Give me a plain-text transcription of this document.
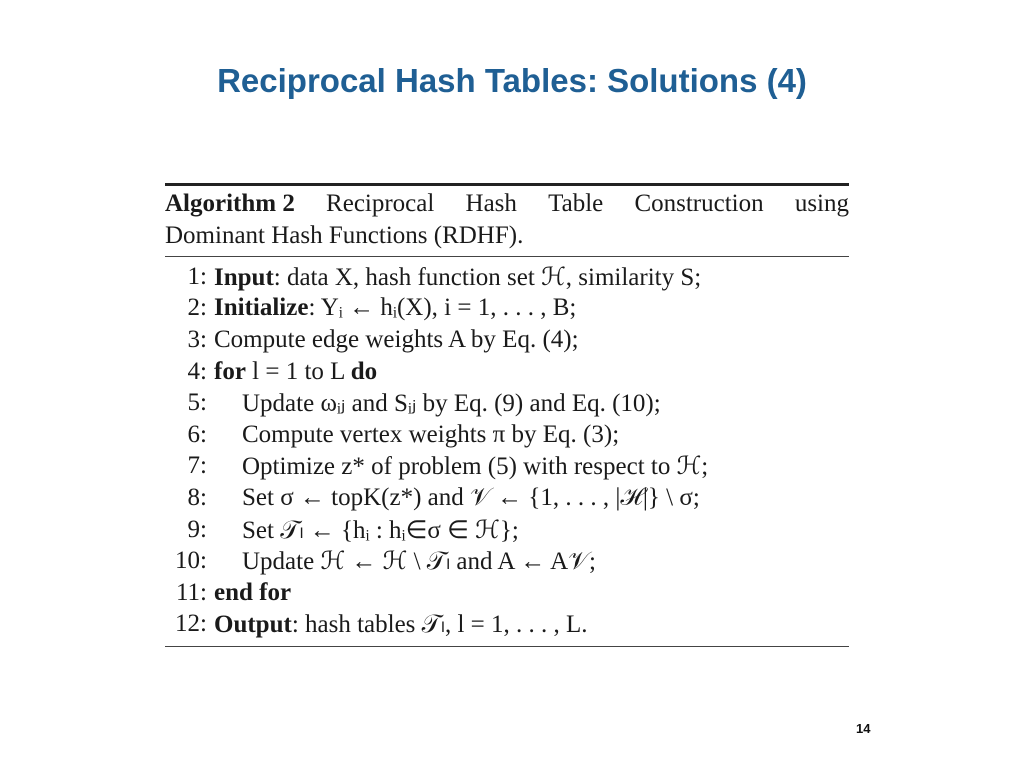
Reciprocal Hash Tables: Solutions (4)
Algorithm 2 Reciprocal Hash Table Construction using
Dominant Hash Functions (RDHF).
1: Input: data X, hash function set ℋ, similarity S;
2: Initialize: Yᵢ ← hᵢ(X), i = 1, . . . , B;
3: Compute edge weights A by Eq. (4);
4: for l = 1 to L do
5: Update ωᵢⱼ and Sᵢⱼ by Eq. (9) and Eq. (10);
6: Compute vertex weights π by Eq. (3);
7: Optimize z* of problem (5) with respect to ℋ;
8: Set σ ← topK(z*) and 𝒱 ← {1, . . . , |ℋ|} \ σ;
9: Set 𝒯ₗ ← {hᵢ : hᵢ∈σ ∈ ℋ};
10: Update ℋ ← ℋ \ 𝒯ₗ and A ← A𝒱;
11: end for
12: Output: hash tables 𝒯ₗ, l = 1, . . . , L.
14
